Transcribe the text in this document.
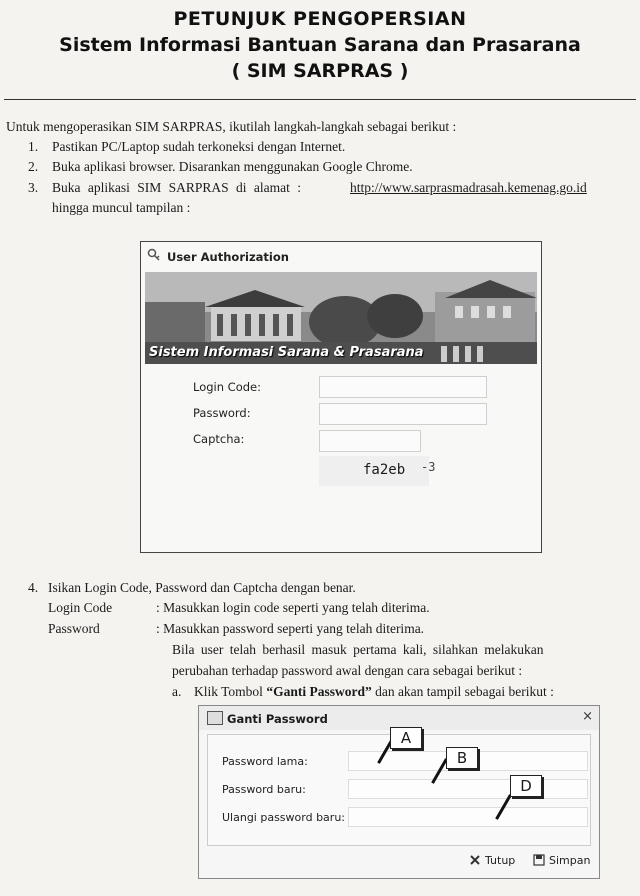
PETUNJUK PENGOPERSIAN
Sistem Informasi Bantuan Sarana dan Prasarana
( SIM SARPRAS )
Untuk mengoperasikan SIM SARPRAS, ikutilah langkah-langkah sebagai berikut :
1. Pastikan PC/Laptop sudah terkoneksi dengan Internet.
2. Buka aplikasi browser. Disarankan menggunakan Google Chrome.
3. Buka aplikasi SIM SARPRAS di alamat :	http://www.sarprasmadrasah.kemenag.go.id
hingga muncul tampilan :
User Authorization
Sistem Informasi Sarana & Prasarana
Login Code:
Password:
Captcha:
fa2eb -3
4. Isikan Login Code, Password dan Captcha dengan benar.
Login Code	: Masukkan login code seperti yang telah diterima.
Password	: Masukkan password seperti yang telah diterima.
Bila user telah berhasil masuk pertama kali, silahkan melakukan
perubahan terhadap password awal dengan cara sebagai berikut :
a. Klik Tombol “Ganti Password” dan akan tampil sebagai berikut :
Ganti Password	×
Password lama:
Password baru:
Ulangi password baru:
A
B
D
Tutup	Simpan
